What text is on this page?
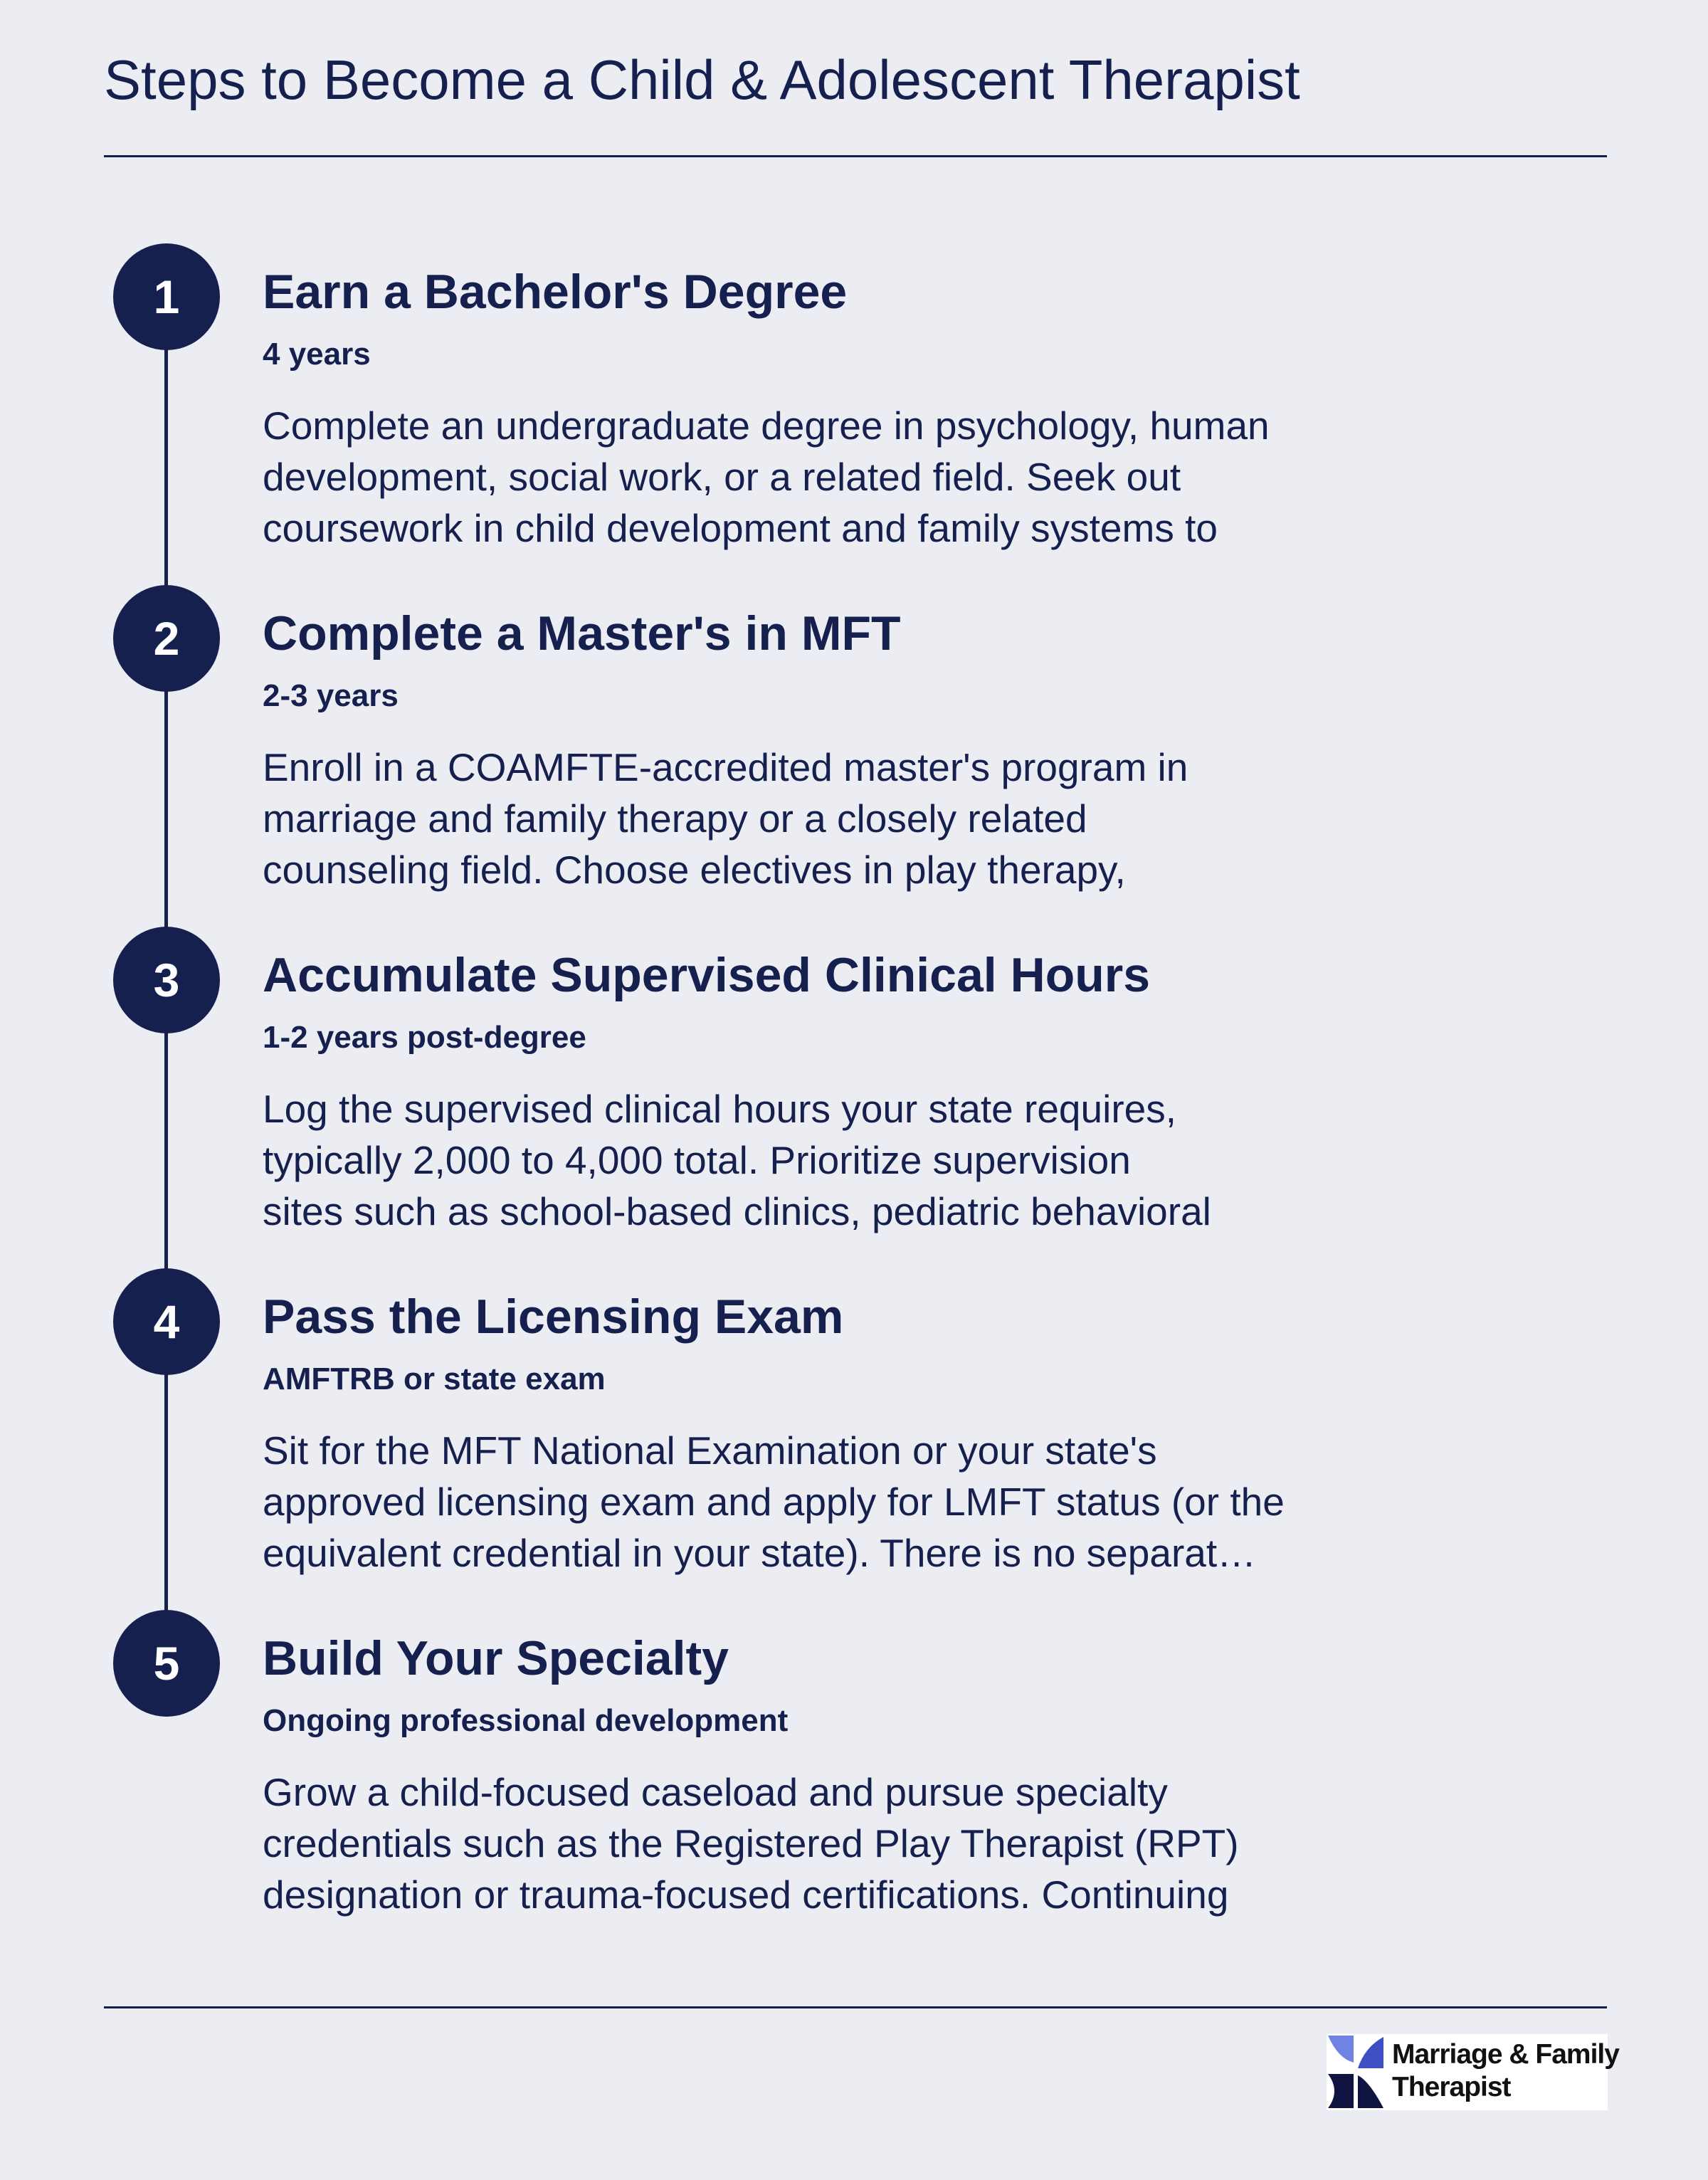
Steps to Become a Child & Adolescent Therapist
1	Earn a Bachelor's Degree
4 years
Complete an undergraduate degree in psychology, human
development, social work, or a related field. Seek out
coursework in child development and family systems to
2	Complete a Master's in MFT
2-3 years
Enroll in a COAMFTE-accredited master's program in
marriage and family therapy or a closely related
counseling field. Choose electives in play therapy,
3	Accumulate Supervised Clinical Hours
1-2 years post-degree
Log the supervised clinical hours your state requires,
typically 2,000 to 4,000 total. Prioritize supervision
sites such as school-based clinics, pediatric behavioral
4	Pass the Licensing Exam
AMFTRB or state exam
Sit for the MFT National Examination or your state's
approved licensing exam and apply for LMFT status (or the
equivalent credential in your state). There is no separat…
5	Build Your Specialty
Ongoing professional development
Grow a child-focused caseload and pursue specialty
credentials such as the Registered Play Therapist (RPT)
designation or trauma-focused certifications. Continuing
Marriage & Family
Therapist
